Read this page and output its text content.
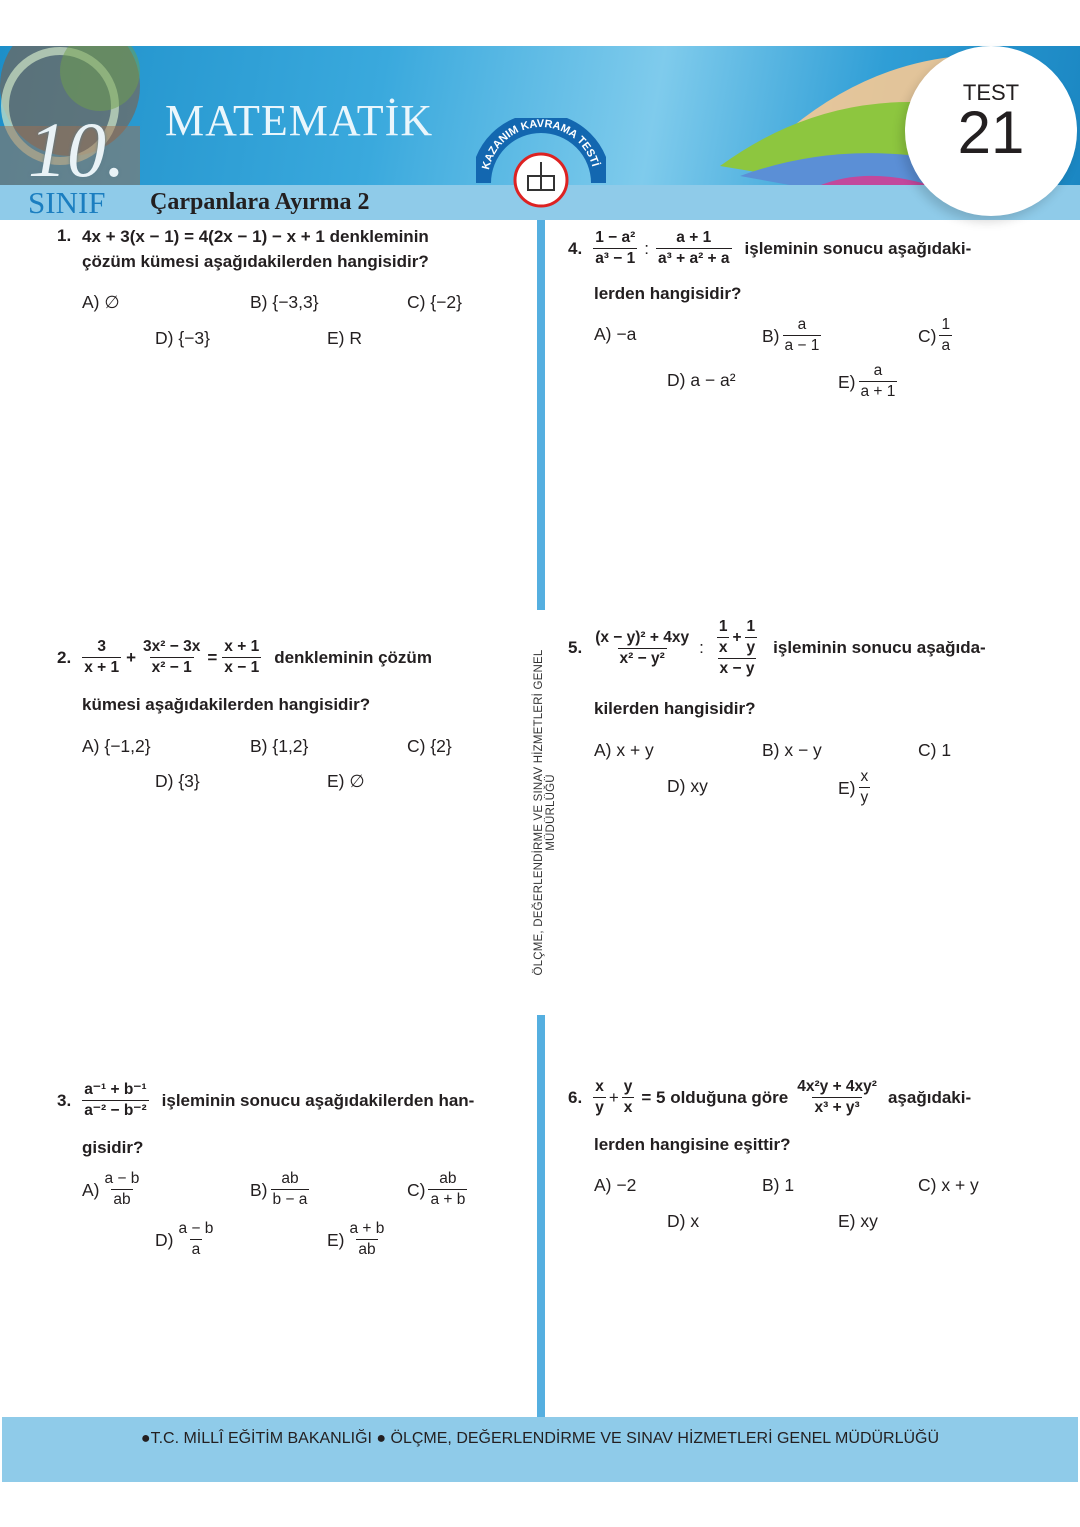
10.
SINIF
MATEMATİK
Çarpanlara Ayırma 2
KAZANIM KAVRAMA TESTİ
TEST
21
ÖLÇME, DEĞERLENDİRME VE SINAV HİZMETLERİ GENEL MÜDÜRLÜĞÜ
1. 4x + 3(x − 1) = 4(2x − 1) − x + 1 denkleminin
çözüm kümesi aşağıdakilerden hangisidir?
A) ∅	B) {−3,3}	C) {−2}
D) {−3}	E) R
2. $\frac{3}{x + 1} + \frac{\text{3x² − 3x}}{\text{x² − 1}} = \frac{x + 1}{x - 1}$ denkleminin çözüm
kümesi aşağıdakilerden hangisidir?
A) {−1,2}	B) {1,2}	C) {2}
D) {3}	E) ∅
3. $\frac{\text{a⁻¹ + b⁻¹}}{\text{a⁻² − b⁻²}}$ işleminin sonucu aşağıdakilerden han-
gisidir?
$A) \frac{a - b}{ab}$	$B) \frac{ab}{b - a}$	$C) \frac{ab}{a + b}$
$D) \frac{a - b}{a}$	$E) \frac{a + b}{ab}$
4. $\frac{\text{1 − a²}}{\text{a³ − 1}}$ : $\frac{a + 1}{\text{a³ + a² + a}}$ işleminin sonucu aşağıdaki-
lerden hangisidir?
A) −a	$B) \frac{a}{a - 1}$	$C) \frac{1}{a}$
D) a − a²	$E) \frac{a}{a + 1}$
5. $\frac{\text{(x − y)² + 4xy}}{\text{x² − y²}}$ : $\frac{\frac{1}{x} + \frac{1}{y}}{x - y}$ işleminin sonucu aşağıda-
kilerden hangisidir?
A) x + y	B) x − y	C) 1
D) xy	$E) \frac{x}{y}$
6. $\frac{x}{y} + \frac{y}{x} = 5$ olduğuna göre $\frac{\text{4x²y + 4xy²}}{\text{x³ + y³}}$ aşağıdaki-
lerden hangisine eşittir?
A) −2	B) 1	C) x + y
D) x	E) xy
●T.C. MİLLÎ EĞİTİM BAKANLIĞI ● ÖLÇME, DEĞERLENDİRME VE SINAV HİZMETLERİ GENEL MÜDÜRLÜĞÜ
